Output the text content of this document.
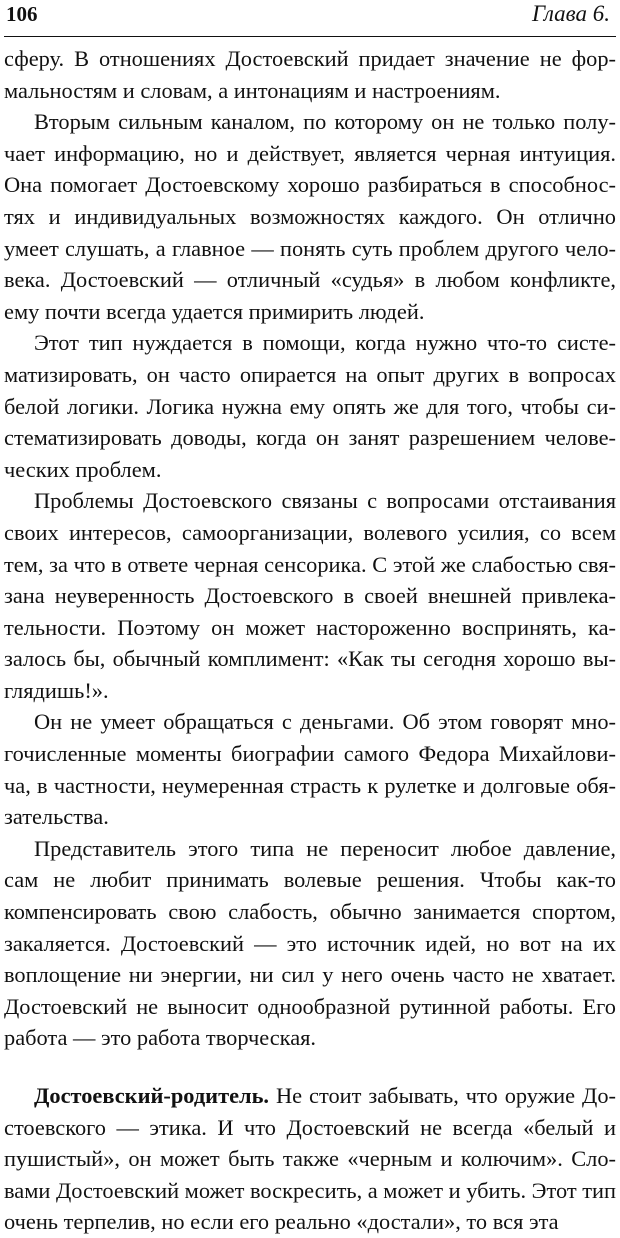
106	Глава 6.

сферу. В отношениях Достоевский придает значение не формальностям и словам, а интонациям и настроениям.

Вторым сильным каналом, по которому он не только получает информацию, но и действует, является черная интуиция. Она помогает Достоевскому хорошо разбираться в способностях и индивидуальных возможностях каждого. Он отлично умеет слушать, а главное — понять суть проблем другого человека. Достоевский — отличный «судья» в любом конфликте, ему почти всегда удается примирить людей.

Этот тип нуждается в помощи, когда нужно что-то систематизировать, он часто опирается на опыт других в вопросах белой логики. Логика нужна ему опять же для того, чтобы систематизировать доводы, когда он занят разрешением человеческих проблем.

Проблемы Достоевского связаны с вопросами отстаивания своих интересов, самоорганизации, волевого усилия, со всем тем, за что в ответе черная сенсорика. С этой же слабостью связана неуверенность Достоевского в своей внешней привлекательности. Поэтому он может настороженно воспринять, казалось бы, обычный комплимент: «Как ты сегодня хорошо выглядишь!».

Он не умеет обращаться с деньгами. Об этом говорят многочисленные моменты биографии самого Федора Михайловича, в частности, неумеренная страсть к рулетке и долговые обязательства.

Представитель этого типа не переносит любое давление, сам не любит принимать волевые решения. Чтобы как-то компенсировать свою слабость, обычно занимается спортом, закаляется. Достоевский — это источник идей, но вот на их воплощение ни энергии, ни сил у него очень часто не хватает. Достоевский не выносит однообразной рутинной работы. Его работа — это работа творческая.

Достоевский-родитель. Не стоит забывать, что оружие Достоевского — этика. И что Достоевский не всегда «белый и пушистый», он может быть также «черным и колючим». Словами Достоевский может воскресить, а может и убить. Этот тип очень терпелив, но если его реально «достали», то вся эта
